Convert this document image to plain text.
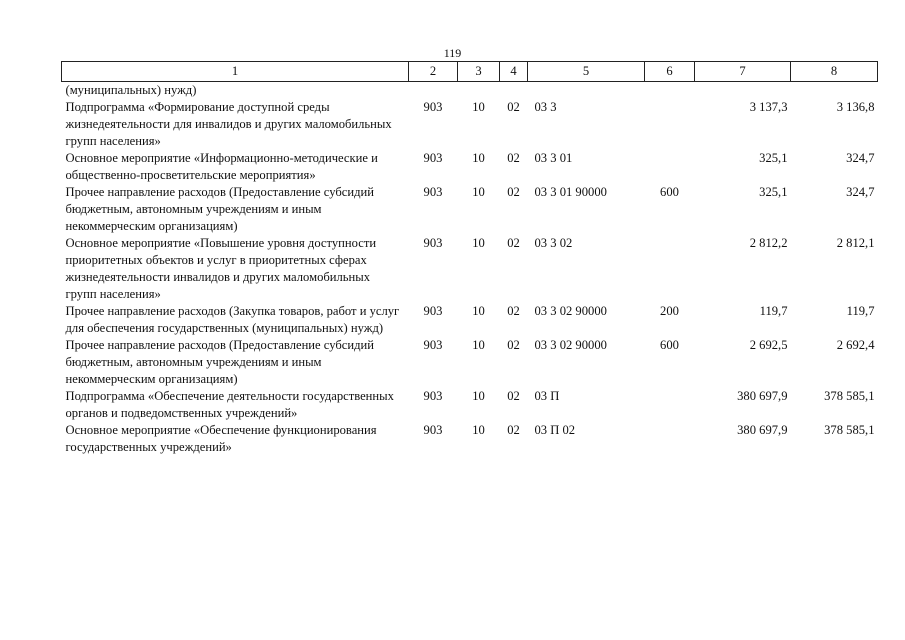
119
1	2	3	4	5	6	7	8
(муниципальных) нужд)							
Подпрограмма «Формирование доступной среды жизнедеятельности для инвалидов и других маломобильных групп населения»	903	10	02	03 3		3 137,3	3 136,8
Основное мероприятие «Информационно-методические и общественно-просветительские мероприятия»	903	10	02	03 3 01		325,1	324,7
Прочее направление расходов (Предоставление субсидий бюджетным, автономным учреждениям и иным некоммерческим организациям)	903	10	02	03 3 01 90000	600	325,1	324,7
Основное мероприятие «Повышение уровня доступности приоритетных объектов и услуг в приоритетных сферах жизнедеятельности инвалидов и других маломобильных групп населения»	903	10	02	03 3 02		2 812,2	2 812,1
Прочее направление расходов (Закупка товаров, работ и услуг для обеспечения государственных (муниципальных) нужд)	903	10	02	03 3 02 90000	200	119,7	119,7
Прочее направление расходов (Предоставление субсидий бюджетным, автономным учреждениям и иным некоммерческим организациям)	903	10	02	03 3 02 90000	600	2 692,5	2 692,4
Подпрограмма «Обеспечение деятельности государственных органов и подведомственных учреждений»	903	10	02	03 П		380 697,9	378 585,1
Основное мероприятие «Обеспечение функционирования государственных учреждений»	903	10	02	03 П 02		380 697,9	378 585,1
